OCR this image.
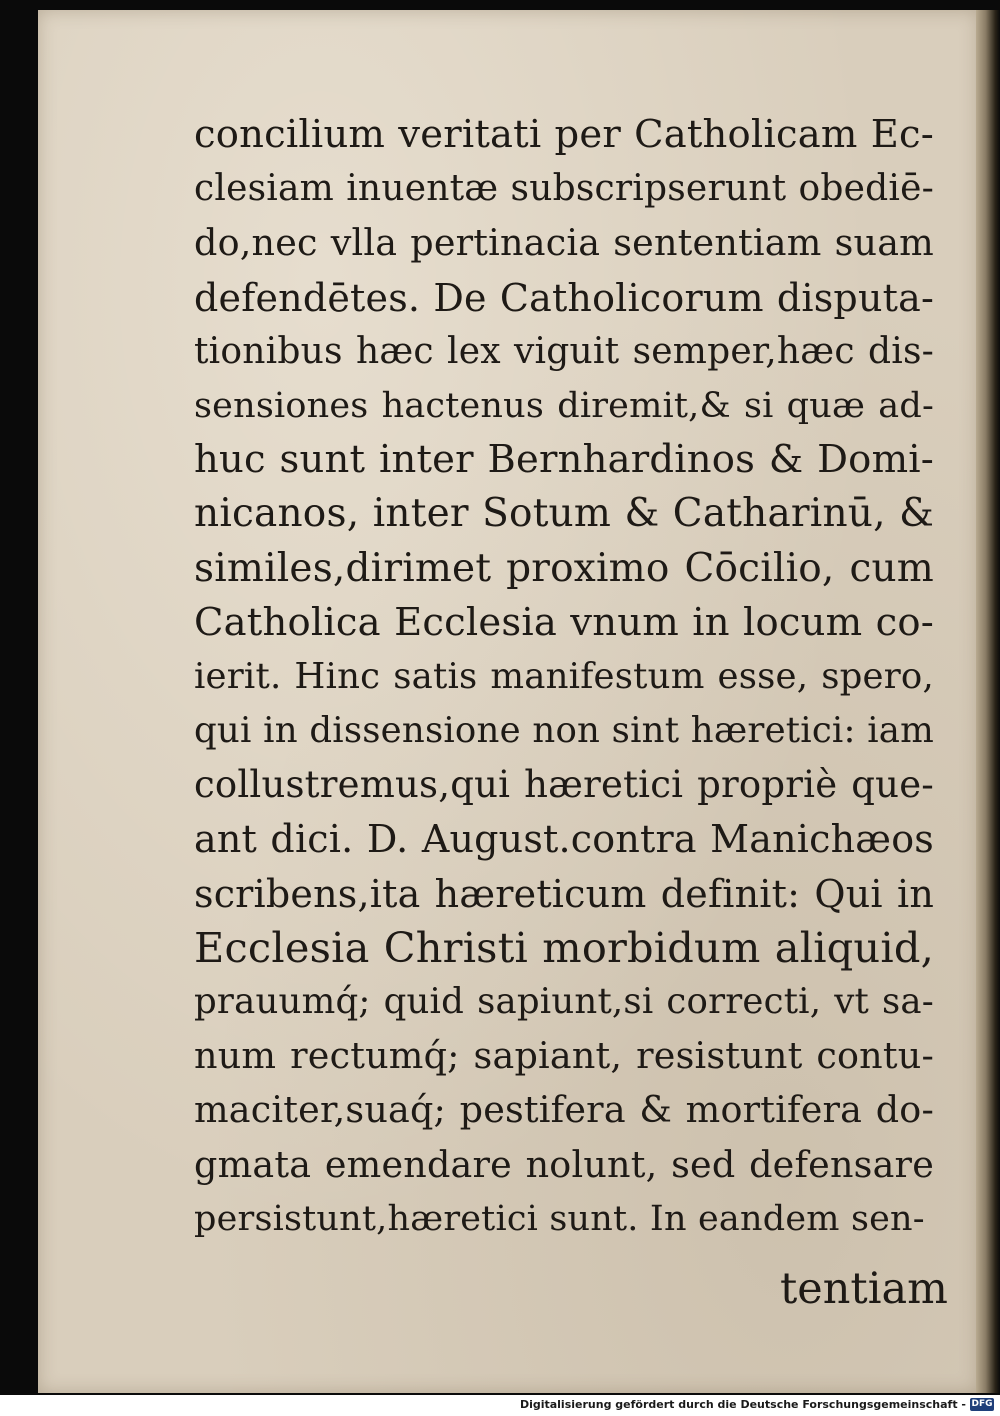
concilium veritati per Catholicam Ec-
clesiam inuentæ subscripserunt obediē-
do,nec vlla pertinacia sententiam suam
defendētes. De Catholicorum disputa-
tionibus hæc lex viguit semper,hæc dis-
sensiones hactenus diremit,& si quæ ad-
huc sunt inter Bernhardinos & Domi-
nicanos, inter Sotum & Catharinū, &
similes,dirimet proximo Cōcilio, cum
Catholica Ecclesia vnum in locum co-
ierit. Hinc satis manifestum esse, spero,
qui in dissensione non sint hæretici: iam
collustremus,qui hæretici propriè que-
ant dici. D. August.contra Manichæos
scribens,ita hæreticum definit: Qui in
Ecclesia Christi morbidum aliquid,
prauumq́; quid sapiunt,si correcti, vt sa-
num rectumq́; sapiant, resistunt contu-
maciter,suaq́; pestifera & mortifera do-
gmata emendare nolunt, sed defensare
persistunt,hæretici sunt. In eandem sen-
tentiam
Digitalisierung gefördert durch die Deutsche Forschungsgemeinschaft - DFG
